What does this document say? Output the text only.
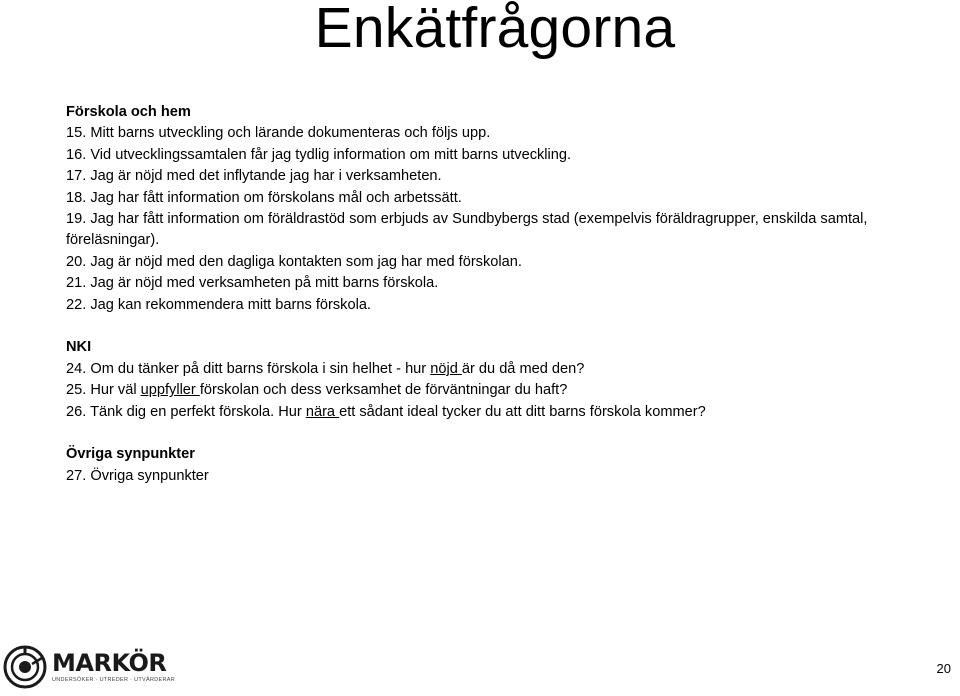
Enkätfrågorna
Förskola och hem
15. Mitt barns utveckling och lärande dokumenteras och följs upp.
16. Vid utvecklingssamtalen får jag tydlig information om mitt barns utveckling.
17. Jag är nöjd med det inflytande jag har i verksamheten.
18. Jag har fått information om förskolans mål och arbetssätt.
19. Jag har fått information om föräldrastöd som erbjuds av Sundbybergs stad (exempelvis föräldragrupper, enskilda samtal, föreläsningar).
20. Jag är nöjd med den dagliga kontakten som jag har med förskolan.
21. Jag är nöjd med verksamheten på mitt barns förskola.
22. Jag kan rekommendera mitt barns förskola.
NKI
24. Om du tänker på ditt barns förskola i sin helhet - hur nöjd är du då med den?
25. Hur väl uppfyller förskolan och dess verksamhet de förväntningar du haft?
26. Tänk dig en perfekt förskola. Hur nära ett sådant ideal tycker du att ditt barns förskola kommer?
Övriga synpunkter
27. Övriga synpunkter
MARKÖR
UNDERSÖKER · UTREDER · UTVÄRDERAR
20
